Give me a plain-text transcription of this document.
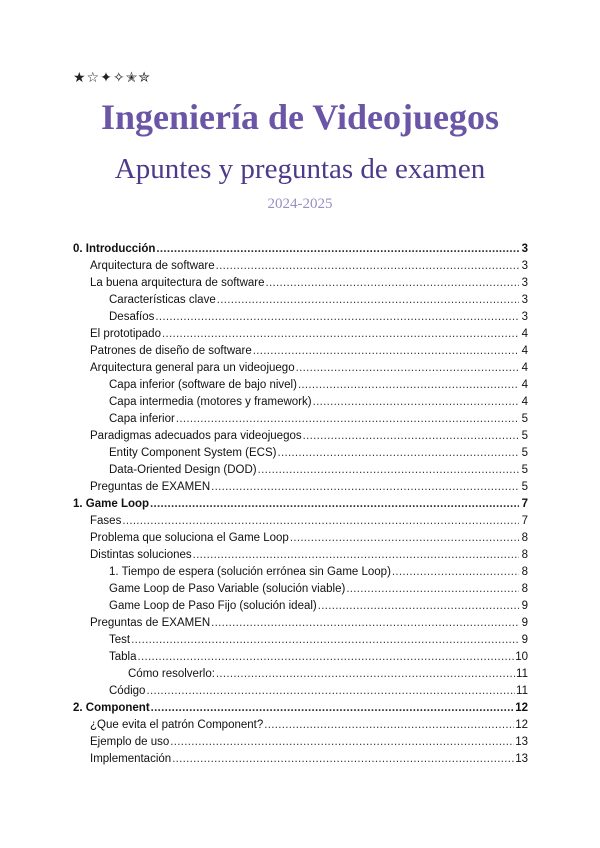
★☆✦✧✭✮
Ingeniería de Videojuegos
Apuntes y preguntas de examen
2024-2025
0. Introducción .....	3
Arquitectura de software .....	3
La buena arquitectura de software .....	3
Características clave .....	3
Desafíos .....	3
El prototipado .....	4
Patrones de diseño de software .....	4
Arquitectura general para un videojuego .....	4
Capa inferior (software de bajo nivel) .....	4
Capa intermedia (motores y framework) .....	4
Capa inferior .....	5
Paradigmas adecuados para videojuegos .....	5
Entity Component System (ECS) .....	5
Data-Oriented Design (DOD) .....	5
Preguntas de EXAMEN .....	5
1. Game Loop .....	7
Fases .....	7
Problema que soluciona el Game Loop .....	8
Distintas soluciones .....	8
1. Tiempo de espera (solución errónea sin Game Loop) .....	8
Game Loop de Paso Variable (solución viable) .....	8
Game Loop de Paso Fijo (solución ideal) .....	9
Preguntas de EXAMEN .....	9
Test .....	9
Tabla .....	10
Cómo resolverlo: .....	11
Código .....	11
2. Component .....	12
¿Que evita el patrón Component? .....	12
Ejemplo de uso .....	13
Implementación .....	13
